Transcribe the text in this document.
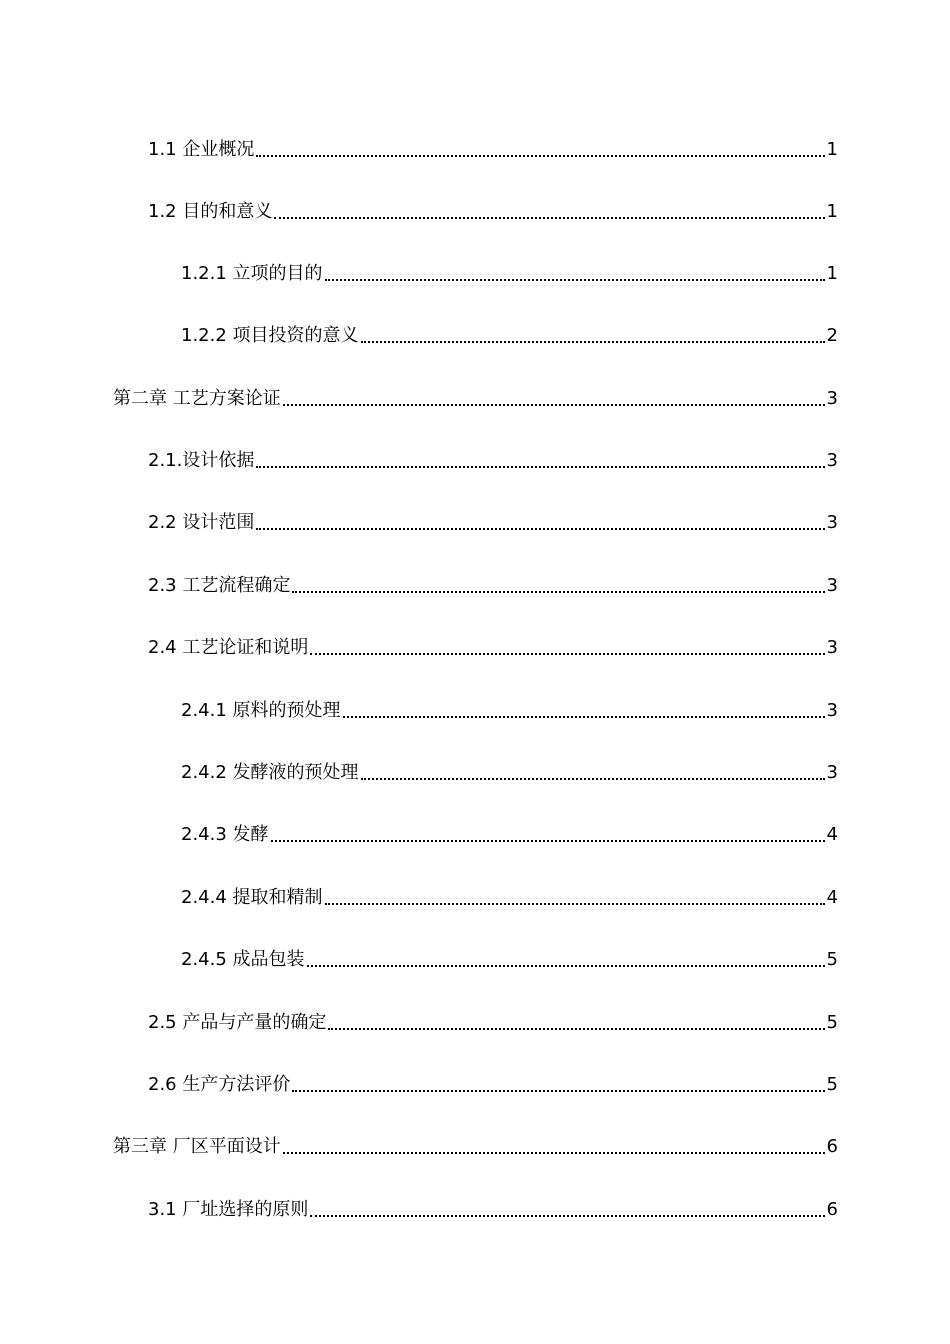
1.1 企业概况	1
1.2 目的和意义	1
1.2.1 立项的目的	1
1.2.2 项目投资的意义	2
第二章 工艺方案论证	3
2.1.设计依据	3
2.2 设计范围	3
2.3 工艺流程确定	3
2.4 工艺论证和说明	3
2.4.1 原料的预处理	3
2.4.2 发酵液的预处理	3
2.4.3 发酵	4
2.4.4 提取和精制	4
2.4.5 成品包装	5
2.5 产品与产量的确定	5
2.6 生产方法评价	5
第三章 厂区平面设计	6
3.1 厂址选择的原则	6
